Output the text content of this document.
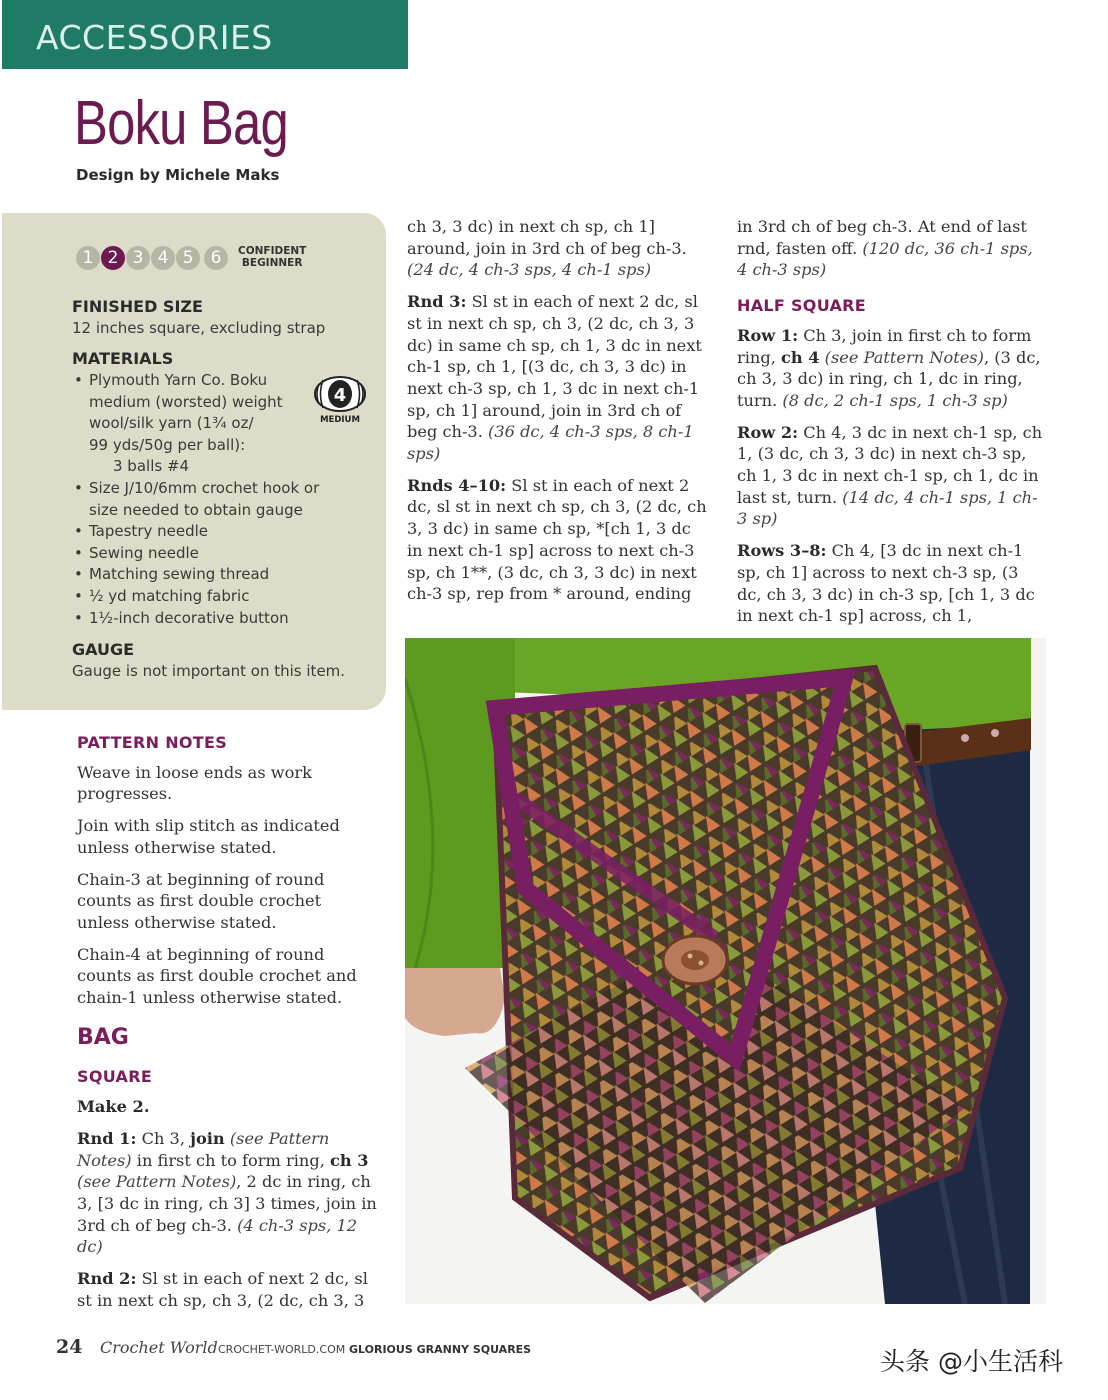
ACCESSORIES
Boku Bag
Design by Michele Maks
1 2 3 4 5	6	CONFIDENT
BEGINNER
FINISHED SIZE
12 inches square, excluding strap
MATERIALS
• Plymouth Yarn Co. Boku
medium (worsted) weight
wool/silk yarn (1¾ oz/
99 yds/50g per ball):
3 balls #4
• Size J/10/6mm crochet hook or
size needed to obtain gauge
• Tapestry needle
• Sewing needle
• Matching sewing thread
• ½ yd matching fabric
• 1½-inch decorative button
4
MEDIUM
GAUGE
Gauge is not important on this item.
PATTERN NOTES

Weave in loose ends as work progresses.

Join with slip stitch as indicated unless otherwise stated.

Chain-3 at beginning of round counts as first double crochet unless otherwise stated.

Chain-4 at beginning of round counts as first double crochet and chain-1 unless otherwise stated.

BAG
SQUARE

Make 2.

Rnd 1: Ch 3, join (see Pattern Notes) in first ch to form ring, ch 3 (see Pattern Notes), 2 dc in ring, ch 3, [3 dc in ring, ch 3] 3 times, join in 3rd ch of beg ch-3. (4 ch-3 sps, 12 dc)

Rnd 2: Sl st in each of next 2 dc, sl st in next ch sp, ch 3, (2 dc, ch 3, 3

ch 3, 3 dc) in next ch sp, ch 1] around, join in 3rd ch of beg ch-3. (24 dc, 4 ch-3 sps, 4 ch-1 sps)

Rnd 3: Sl st in each of next 2 dc, sl st in next ch sp, ch 3, (2 dc, ch 3, 3 dc) in same ch sp, ch 1, 3 dc in next ch-1 sp, ch 1, [(3 dc, ch 3, 3 dc) in next ch-3 sp, ch 1, 3 dc in next ch-1 sp, ch 1] around, join in 3rd ch of beg ch-3. (36 dc, 4 ch-3 sps, 8 ch-1 sps)

Rnds 4–10: Sl st in each of next 2 dc, sl st in next ch sp, ch 3, (2 dc, ch 3, 3 dc) in same ch sp, *[ch 1, 3 dc in next ch-1 sp] across to next ch-3 sp, ch 1**, (3 dc, ch 3, 3 dc) in next ch-3 sp, rep from * around, ending

in 3rd ch of beg ch-3. At end of last rnd, fasten off. (120 dc, 36 ch-1 sps, 4 ch-3 sps)

HALF SQUARE

Row 1: Ch 3, join in first ch to form ring, ch 4 (see Pattern Notes), (3 dc, ch 3, 3 dc) in ring, ch 1, dc in ring, turn. (8 dc, 2 ch-1 sps, 1 ch-3 sp)

Row 2: Ch 4, 3 dc in next ch-1 sp, ch 1, (3 dc, ch 3, 3 dc) in next ch-3 sp, ch 1, 3 dc in next ch-1 sp, ch 1, dc in last st, turn. (14 dc, 4 ch-1 sps, 1 ch-3 sp)

Rows 3–8: Ch 4, [3 dc in next ch-1 sp, ch 1] across to next ch-3 sp, (3 dc, ch 3, 3 dc) in ch-3 sp, [ch 1, 3 dc in next ch-1 sp] across, ch 1,

24 Crochet World CROCHET-WORLD.COM GLORIOUS GRANNY SQUARES	头条 @小生活科
